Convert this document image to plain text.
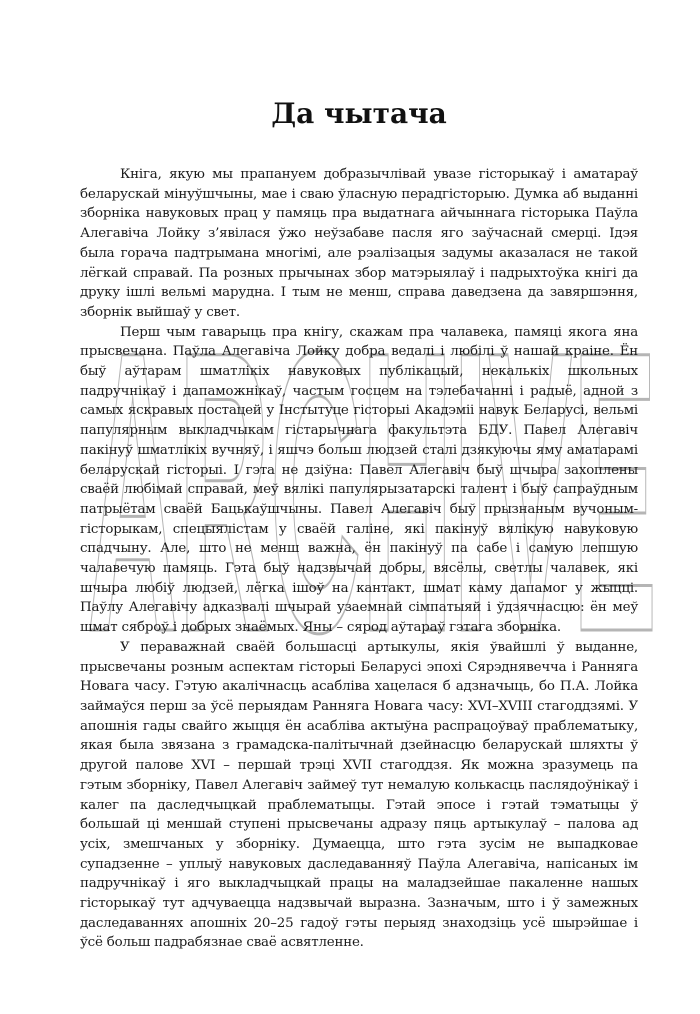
ARCHIVE
Да чытача

Кніга, якую мы прапануем добразычлівай увазе гісторыкаў і аматараў беларускай мінуўшчыны, мае і сваю ўласную перадгісторыю. Думка аб выданні зборніка навуковых прац у памяць пра выдатнага айчыннага гісторыка Паўла Алегавіча Лойку з’явілася ўжо неўзабаве пасля яго заўчаснай смерці. Ідэя была горача падтрымана многімі, але рэалізацыя задумы аказалася не такой лёгкай справай. Па розных прычынах збор матэрыялаў і падрыхтоўка кнігі да друку ішлі вельмі марудна. І тым не менш, справа даведзена да завяршэння, зборнік выйшаў у свет.

Перш чым гаварыць пра кнігу, скажам пра чалавека, памяці якога яна прысвечана. Паўла Алегавіча Лойку добра ведалі і любілі ў нашай краіне. Ён быў аўтарам шматлікіх навуковых публікацый, некалькіх школьных падручнікаў і дапаможнікаў, частым госцем на тэлебачанні і радыё, адной з самых яскравых постацей у Інстытуце гісторыі Акадэміі навук Беларусі, вельмі папулярным выкладчыкам гістарычнага факультэта БДУ. Павел Алегавіч пакінуў шматлікіх вучняў, і яшчэ больш людзей сталі дзякуючы яму аматарамі беларускай гісторыі. І гэта не дзіўна: Павел Алегавіч быў шчыра захоплены сваёй любімай справай, меў вялікі папулярызатарскі талент і быў сапраўдным патрыётам сваёй Бацькаўшчыны. Павел Алегавіч быў прызнаным вучоным-гісторыкам, спецыялістам у сваёй галіне, які пакінуў вялікую навуковую спадчыну. Але, што не менш важна, ён пакінуў па сабе і самую лепшую чалавечую памяць. Гэта быў надзвычай добры, вясёлы, светлы чалавек, які шчыра любіў людзей, лёгка ішоў на кантакт, шмат каму дапамог у жыцці. Паўлу Алегавічу адказвалі шчырай узаемнай сімпатыяй і ўдзячнасцю: ён меў шмат сяброў і добрых знаёмых. Яны – сярод аўтараў гэтага зборніка.

У пераважнай сваёй большасці артыкулы, якія ўвайшлі ў выданне, прысвечаны розным аспектам гісторыі Беларусі эпохі Сярэднявечча і Ранняга Новага часу. Гэтую акалічнасць асабліва хацелася б адзначыць, бо П.А. Лойка займаўся перш за ўсё перыядам Ранняга Новага часу: XVI–XVIII стагоддзямі. У апошнія гады свайго жыцця ён асабліва актыўна распрацоўваў праблематыку, якая была звязана з грамадска-палітычнай дзейнасцю беларускай шляхты ў другой палове XVI – першай трэці XVII стагоддзя. Як можна зразумець па гэтым зборніку, Павел Алегавіч займеў тут немалую колькасць паслядоўнікаў і калег па даследчыцкай праблематыцы. Гэтай эпосе і гэтай тэматыцы ў большай ці меншай ступені прысвечаны адразу пяць артыкулаў – палова ад усіх, змешчаных у зборніку. Думаецца, што гэта зусім не выпадковае супадзенне – уплыў навуковых даследаванняў Паўла Алегавіча, напісаных ім падручнікаў і яго выкладчыцкай працы на маладзейшае пакаленне нашых гісторыкаў тут адчуваецца надзвычай выразна. Зазначым, што і ў замежных даследаваннях апошніх 20–25 гадоў гэты перыяд знаходзіць усё шырэйшае і ўсё больш падрабязнае сваё асвятленне.
